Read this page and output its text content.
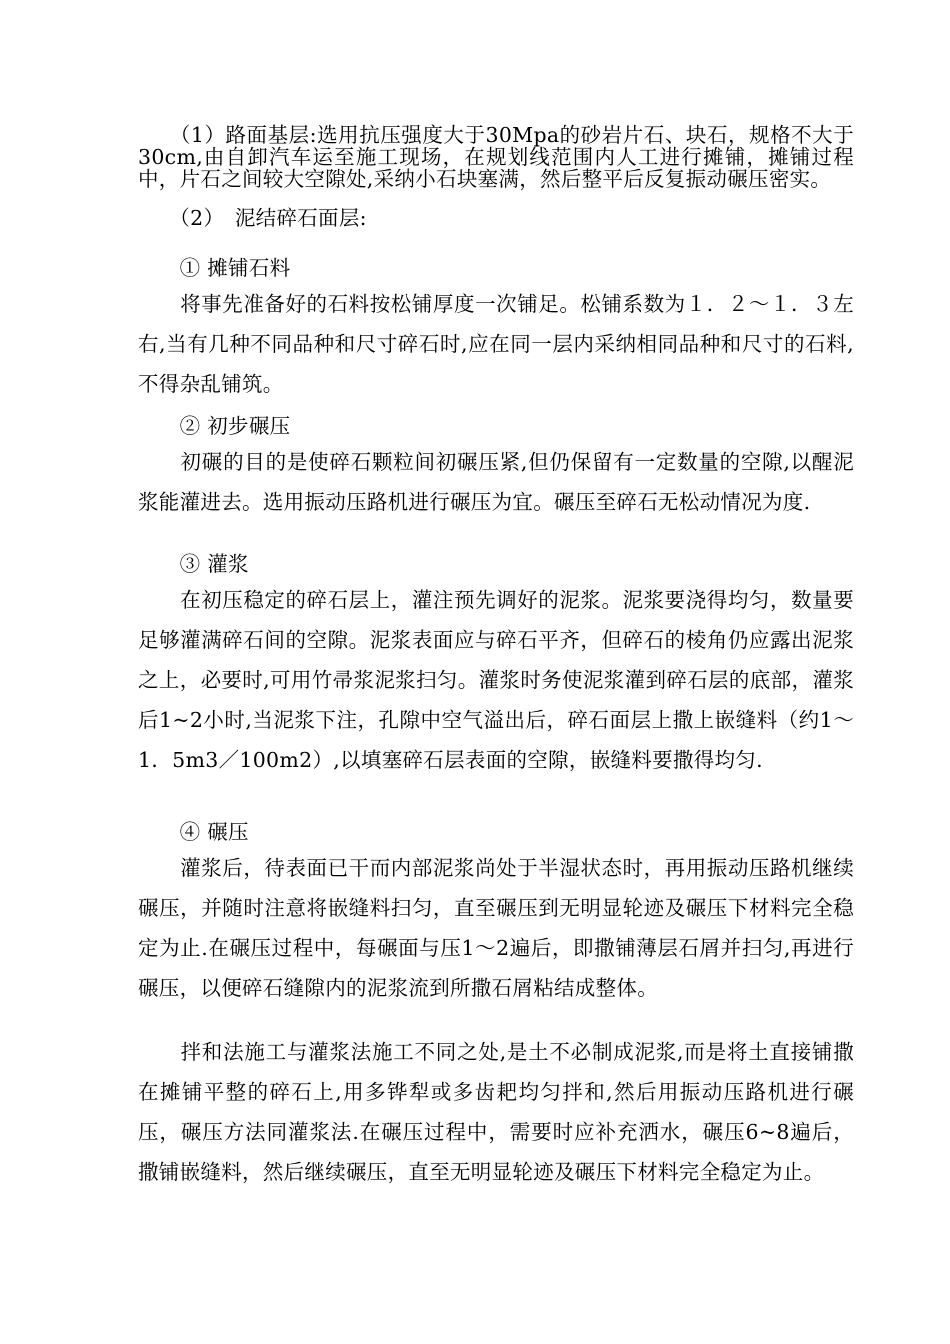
　　（1）路面基层:选用抗压强度大于30Mpa的砂岩片石、块石，规格不大于30cm,由自卸汽车运至施工现场，在规划线范围内人工进行摊铺，摊铺过程中，片石之间较大空隙处,采纳小石块塞满，然后整平后反复振动碾压密实。

　　（2）　泥结碎石面层:

　　① 摊铺石料

　　将事先准备好的石料按松铺厚度一次铺足。松铺系数为１．２～１．３左右,当有几种不同品种和尺寸碎石时,应在同一层内采纳相同品种和尺寸的石料,不得杂乱铺筑。

　　② 初步碾压

　　初碾的目的是使碎石颗粒间初碾压紧,但仍保留有一定数量的空隙,以醒泥浆能灌进去。选用振动压路机进行碾压为宜。碾压至碎石无松动情况为度.

　　③ 灌浆

　　在初压稳定的碎石层上，灌注预先调好的泥浆。泥浆要浇得均匀，数量要足够灌满碎石间的空隙。泥浆表面应与碎石平齐，但碎石的棱角仍应露出泥浆之上，必要时,可用竹帚浆泥浆扫匀。灌浆时务使泥浆灌到碎石层的底部，灌浆后1~2小时,当泥浆下注，孔隙中空气溢出后，碎石面层上撒上嵌缝料（约1～1．5m3／100m2）,以填塞碎石层表面的空隙，嵌缝料要撒得均匀.

　　④ 碾压

　　灌浆后，待表面已干而内部泥浆尚处于半湿状态时，再用振动压路机继续碾压，并随时注意将嵌缝料扫匀，直至碾压到无明显轮迹及碾压下材料完全稳定为止.在碾压过程中，每碾面与压1～2遍后，即撒铺薄层石屑并扫匀,再进行碾压，以便碎石缝隙内的泥浆流到所撒石屑粘结成整体。

　　拌和法施工与灌浆法施工不同之处,是土不必制成泥浆,而是将土直接铺撒在摊铺平整的碎石上,用多铧犁或多齿耙均匀拌和,然后用振动压路机进行碾压，碾压方法同灌浆法.在碾压过程中，需要时应补充洒水，碾压6~8遍后，撒铺嵌缝料，然后继续碾压，直至无明显轮迹及碾压下材料完全稳定为止。
